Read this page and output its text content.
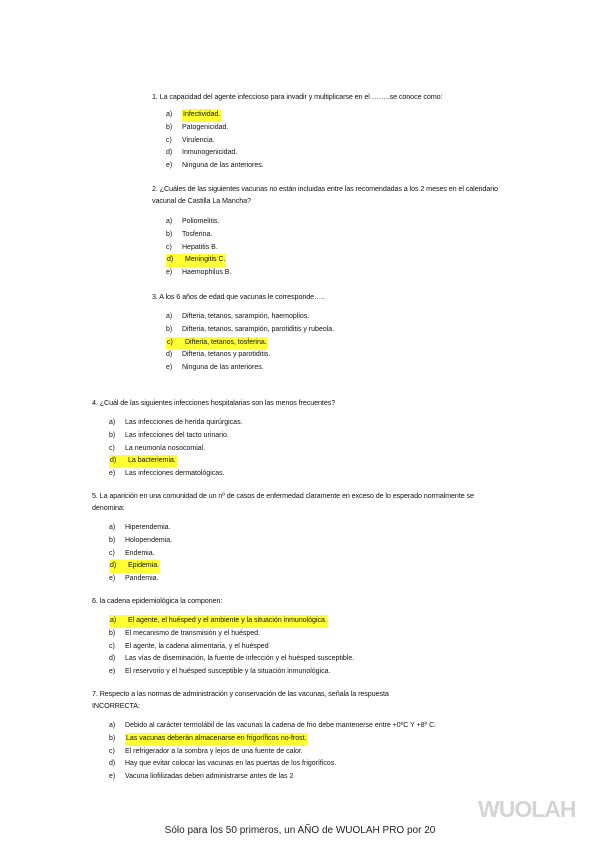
1. La capacidad del agente infeccioso para invadir y multiplicarse en el ……..se conoce como:
a)	Infectividad.
b)	Patogenicidad.
c)	Virulencia.
d)	Inmunogenicidad.
e)	Ninguna de las anteriores.
2. ¿Cuáles de las siguientes vacunas no están incluidas entre las recomendadas a los 2 meses en el calendario vacunal de Castilla La Mancha?
a)	Poliomelitis.
b)	Tosferina.
c)	Hepatitis B.
d)	Meningitis C.
e)	Haemophilus B.
3. A los 6 años de edad que vacunas le corresponde…..
a)	Difteria, tetanos, sarampión, haemoplios.
b)	Difteria, tetanos, sarampión, parotiditis y rubeola.
c)	Difteria, tetanos, tosferina.
d)	Difteria, tetanos y parotiditis.
e)	Ninguna de las anteriores.
4. ¿Cuál de las siguientes infecciones hospitalarias son las menos frecuentes?
a)	Las infecciones de herida quirúrgicas.
b)	Las infecciones del tacto urinario.
c)	La neumonía nosocomial.
d)	La bacteriemia.
e)	Las infecciones dermatológicas.
5. La aparición en una comunidad de un nº de casos de enfermedad claramente en exceso de lo esperado normalmente se denomina:
a)	Hiperendemia.
b)	Holopendemia.
c)	Endemia.
d)	Epidemia.
e)	Pandemia.
6. la cadena epidemiológica la componen:
a)	El agente, el huésped y el ambiente y la situación inmunológica.
b)	El mecanismo de transmisión y el huésped.
c)	El agente, la cadena alimentaria, y el huésped
d)	Las vías de diseminación, la fuente de infección y el huésped susceptible.
e)	El reservorio y el huésped susceptible y la situación inmunológica.
7. Respecto a las normas de administración y conservación de las vacunas, señala la respuesta INCORRECTA:
a)	Debido al carácter termolábil de las vacunas la cadena de frio debe mantenerse entre +0ºC Y +8º C.
b)	Las vacunas deberán almacenarse en frigoríficos no-frost.
c)	El refrigerador a la sombra y lejos de una fuente de calor.
d)	Hay que evitar colocar las vacunas en las puertas de los frigoríficos.
e)	Vacuna liofilizadas deben administrarse antes de las 2
WUOLAH
Sólo para los 50 primeros, un AÑO de WUOLAH PRO por 20
